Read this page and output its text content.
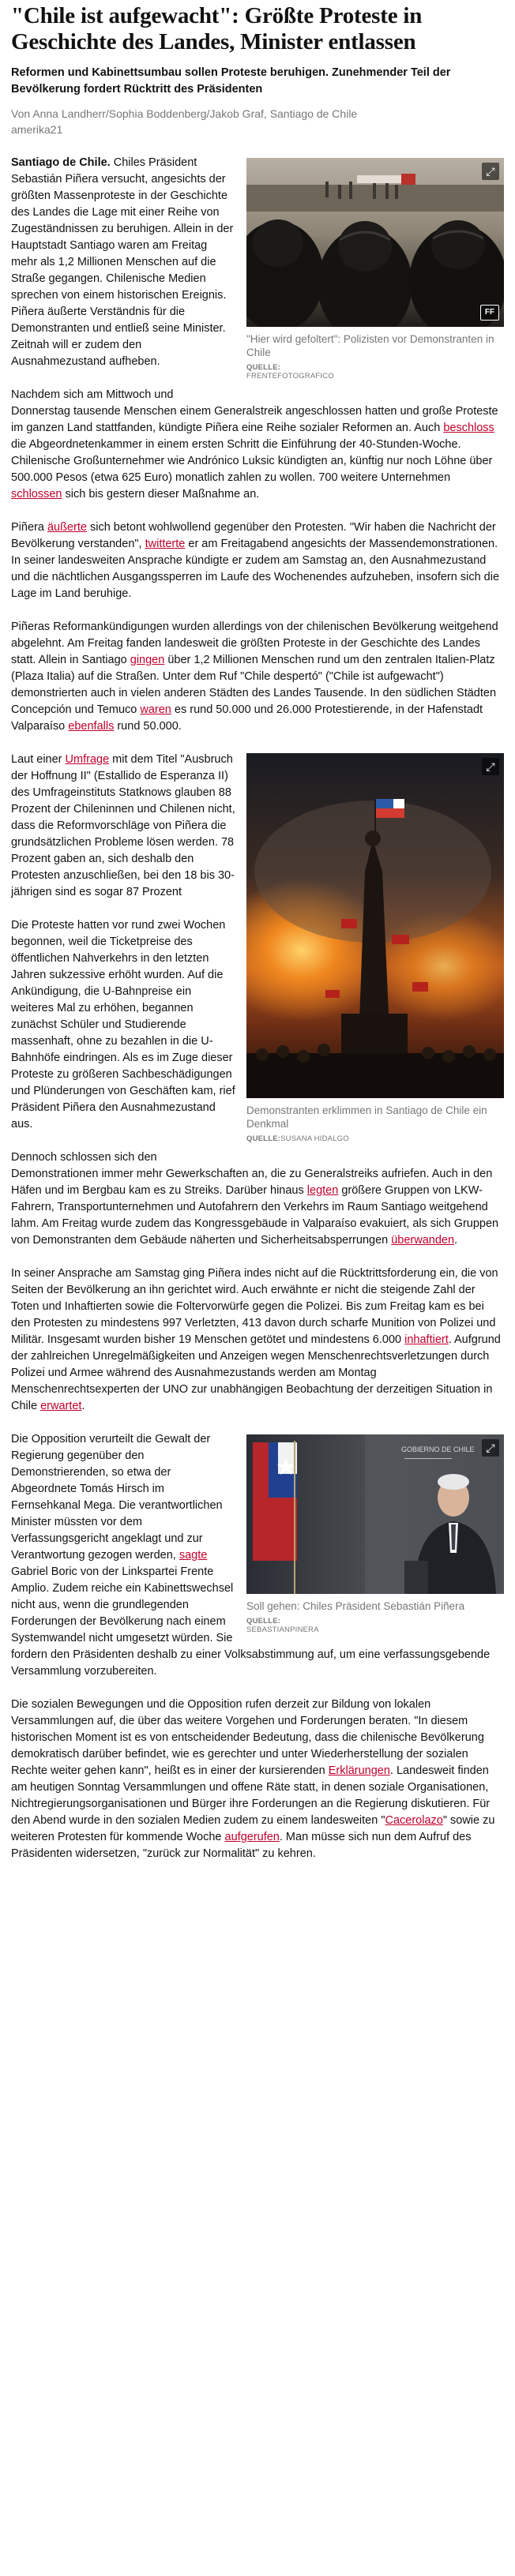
"Chile ist aufgewacht": Größte Proteste in Geschichte des Landes, Minister entlassen
Reformen und Kabinettsumbau sollen Proteste beruhigen. Zunehmender Teil der Bevölkerung fordert Rücktritt des Präsidenten
Von Anna Landherr/Sophia Boddenberg/Jakob Graf, Santiago de Chile
amerika21
⤢
FF
"Hier wird gefoltert": Polizisten vor Demonstranten in Chile
QUELLE:
FRENTEFOTOGRAFICO

Santiago de Chile. Chiles Präsident Sebastián Piñera versucht, angesichts der größten Massenproteste in der Geschichte des Landes die Lage mit einer Reihe von Zugeständnissen zu beruhigen. Allein in der Hauptstadt Santiago waren am Freitag mehr als 1,2 Millionen Menschen auf die Straße gegangen. Chilenische Medien sprechen von einem historischen Ereignis. Piñera äußerte Verständnis für die Demonstranten und entließ seine Minister. Zeitnah will er zudem den Ausnahmezustand aufheben.

Nachdem sich am Mittwoch und Donnerstag tausende Menschen einem Generalstreik angeschlossen hatten und große Proteste im ganzen Land stattfanden, kündigte Piñera eine Reihe sozialer Reformen an. Auch beschloss die Abgeordnetenkammer in einem ersten Schritt die Einführung der 40-Stunden-Woche. Chilenische Großunternehmer wie Andrónico Luksic kündigten an, künftig nur noch Löhne über 500.000 Pesos (etwa 625 Euro) monatlich zahlen zu wollen. 700 weitere Unternehmen schlossen sich bis gestern dieser Maßnahme an.

Piñera äußerte sich betont wohlwollend gegenüber den Protesten. "Wir haben die Nachricht der Bevölkerung verstanden", twitterte er am Freitagabend angesichts der Massendemonstrationen. In seiner landesweiten Ansprache kündigte er zudem am Samstag an, den Ausnahmezustand und die nächtlichen Ausgangssperren im Laufe des Wochenendes aufzuheben, insofern sich die Lage im Land beruhige.

Piñeras Reformankündigungen wurden allerdings von der chilenischen Bevölkerung weitgehend abgelehnt. Am Freitag fanden landesweit die größten Proteste in der Geschichte des Landes statt. Allein in Santiago gingen über 1,2 Millionen Menschen rund um den zentralen Italien-Platz (Plaza Italia) auf die Straßen. Unter dem Ruf "Chile despertó" ("Chile ist aufgewacht") demonstrierten auch in vielen anderen Städten des Landes Tausende. In den südlichen Städten Concepción und Temuco waren es rund 50.000 und 26.000 Protestierende, in der Hafenstadt Valparaíso ebenfalls rund 50.000.

⤢
Demonstranten erklimmen in Santiago de Chile ein Denkmal
QUELLE:SUSANA HIDALGO

Laut einer Umfrage mit dem Titel "Ausbruch der Hoffnung II" (Estallido de Esperanza II) des Umfrageinstituts Statknows glauben 88 Prozent der Chileninnen und Chilenen nicht, dass die Reformvorschläge von Piñera die grundsätzlichen Probleme lösen werden. 78 Prozent gaben an, sich deshalb den Protesten anzuschließen, bei den 18 bis 30-jährigen sind es sogar 87 Prozent

Die Proteste hatten vor rund zwei Wochen begonnen, weil die Ticketpreise des öffentlichen Nahverkehrs in den letzten Jahren sukzessive erhöht wurden. Auf die Ankündigung, die U-Bahnpreise ein weiteres Mal zu erhöhen, begannen zunächst Schüler und Studierende massenhaft, ohne zu bezahlen in die U-Bahnhöfe eindringen. Als es im Zuge dieser Proteste zu größeren Sachbeschädigungen und Plünderungen von Geschäften kam, rief Präsident Piñera den Ausnahmezustand aus.

Dennoch schlossen sich den Demonstrationen immer mehr Gewerkschaften an, die zu Generalstreiks aufriefen. Auch in den Häfen und im Bergbau kam es zu Streiks. Darüber hinaus legten größere Gruppen von LKW-Fahrern, Transportunternehmen und Autofahrern den Verkehrs im Raum Santiago weitgehend lahm. Am Freitag wurde zudem das Kongressgebäude in Valparaíso evakuiert, als sich Gruppen von Demonstranten dem Gebäude näherten und Sicherheitsabsperrungen überwanden.

In seiner Ansprache am Samstag ging Piñera indes nicht auf die Rücktrittsforderung ein, die von Seiten der Bevölkerung an ihn gerichtet wird. Auch erwähnte er nicht die steigende Zahl der Toten und Inhaftierten sowie die Foltervorwürfe gegen die Polizei. Bis zum Freitag kam es bei den Protesten zu mindestens 997 Verletzten, 413 davon durch scharfe Munition von Polizei und Militär. Insgesamt wurden bisher 19 Menschen getötet und mindestens 6.000 inhaftiert. Aufgrund der zahlreichen Unregelmäßigkeiten und Anzeigen wegen Menschenrechtsverletzungen durch Polizei und Armee während des Ausnahmezustands werden am Montag Menschenrechtsexperten der UNO zur unabhängigen Beobachtung der derzeitigen Situation in Chile erwartet.

GOBIERNO DE CHILE	⤢
Soll gehen: Chiles Präsident Sebastián Piñera
QUELLE:
SEBASTIANPINERA

Die Opposition verurteilt die Gewalt der Regierung gegenüber den Demonstrierenden, so etwa der Abgeordnete Tomás Hirsch im Fernsehkanal Mega. Die verantwortlichen Minister müssten vor dem Verfassungsgericht angeklagt und zur Verantwortung gezogen werden, sagte Gabriel Boric von der Linkspartei Frente Amplio. Zudem reiche ein Kabinettswechsel nicht aus, wenn die grundlegenden Forderungen der Bevölkerung nach einem Systemwandel nicht umgesetzt würden. Sie fordern den Präsidenten deshalb zu einer Volksabstimmung auf, um eine verfassungsgebende Versammlung vorzubereiten.

Die sozialen Bewegungen und die Opposition rufen derzeit zur Bildung von lokalen Versammlungen auf, die über das weitere Vorgehen und Forderungen beraten. "In diesem historischen Moment ist es von entscheidender Bedeutung, dass die chilenische Bevölkerung demokratisch darüber befindet, wie es gerechter und unter Wiederherstellung der sozialen Rechte weiter gehen kann", heißt es in einer der kursierenden Erklärungen. Landesweit finden am heutigen Sonntag Versammlungen und offene Räte statt, in denen soziale Organisationen, Nichtregierungsorganisationen und Bürger ihre Forderungen an die Regierung diskutieren. Für den Abend wurde in den sozialen Medien zudem zu einem landesweiten "Cacerolazo" sowie zu weiteren Protesten für kommende Woche aufgerufen. Man müsse sich nun dem Aufruf des Präsidenten widersetzen, "zurück zur Normalität" zu kehren.
